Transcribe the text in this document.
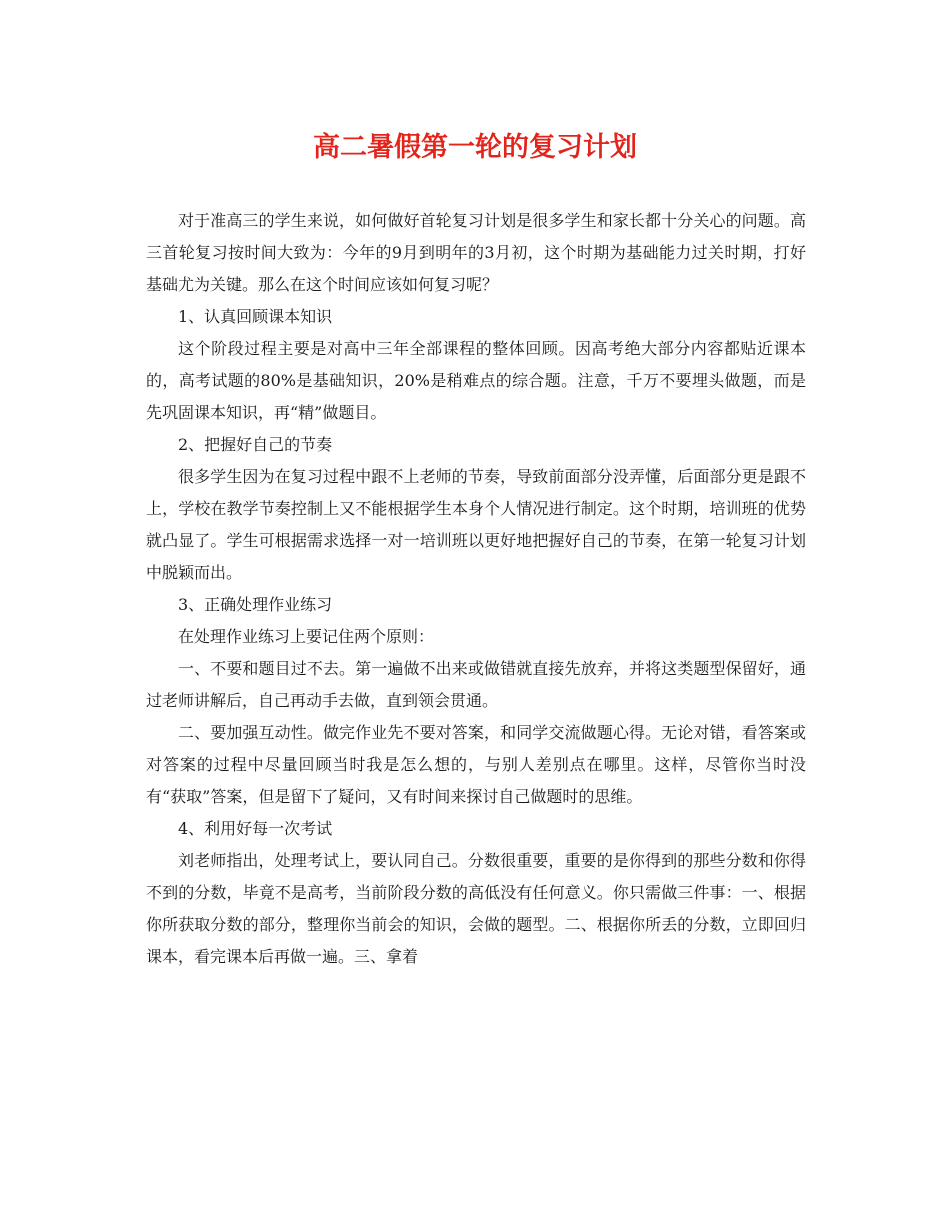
高二暑假第一轮的复习计划

对于准高三的学生来说，如何做好首轮复习计划是很多学生和家长都十分关心的问题。高三首轮复习按时间大致为：今年的9月到明年的3月初，这个时期为基础能力过关时期，打好基础尤为关键。那么在这个时间应该如何复习呢？

1、认真回顾课本知识

这个阶段过程主要是对高中三年全部课程的整体回顾。因高考绝大部分内容都贴近课本的，高考试题的80%是基础知识，20%是稍难点的综合题。注意，千万不要埋头做题，而是先巩固课本知识，再“精”做题目。

2、把握好自己的节奏

很多学生因为在复习过程中跟不上老师的节奏，导致前面部分没弄懂，后面部分更是跟不上，学校在教学节奏控制上又不能根据学生本身个人情况进行制定。这个时期，培训班的优势就凸显了。学生可根据需求选择一对一培训班以更好地把握好自己的节奏，在第一轮复习计划中脱颖而出。

3、正确处理作业练习

在处理作业练习上要记住两个原则：

一、不要和题目过不去。第一遍做不出来或做错就直接先放弃，并将这类题型保留好，通过老师讲解后，自己再动手去做，直到领会贯通。

二、要加强互动性。做完作业先不要对答案，和同学交流做题心得。无论对错，看答案或对答案的过程中尽量回顾当时我是怎么想的，与别人差别点在哪里。这样，尽管你当时没有“获取”答案，但是留下了疑问，又有时间来探讨自己做题时的思维。

4、利用好每一次考试

刘老师指出，处理考试上，要认同自己。分数很重要，重要的是你得到的那些分数和你得不到的分数，毕竟不是高考，当前阶段分数的高低没有任何意义。你只需做三件事：一、根据你所获取分数的部分，整理你当前会的知识，会做的题型。二、根据你所丢的分数，立即回归课本，看完课本后再做一遍。三、拿着
